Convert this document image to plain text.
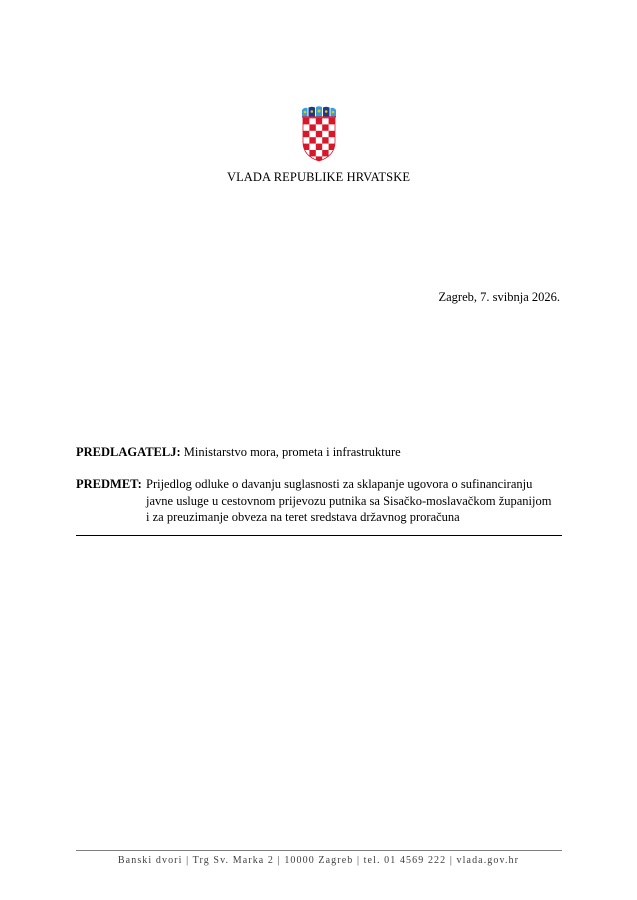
VLADA REPUBLIKE HRVATSKE
Zagreb, 7. svibnja 2026.
PREDLAGATELJ: Ministarstvo mora, prometa i infrastrukture
PREDMET: Prijedlog odluke o davanju suglasnosti za sklapanje ugovora o sufinanciranju
javne usluge u cestovnom prijevozu putnika sa Sisačko-moslavačkom županijom
i za preuzimanje obveza na teret sredstava državnog proračuna
Banski dvori | Trg Sv. Marka 2 | 10000 Zagreb | tel. 01 4569 222 | vlada.gov.hr
